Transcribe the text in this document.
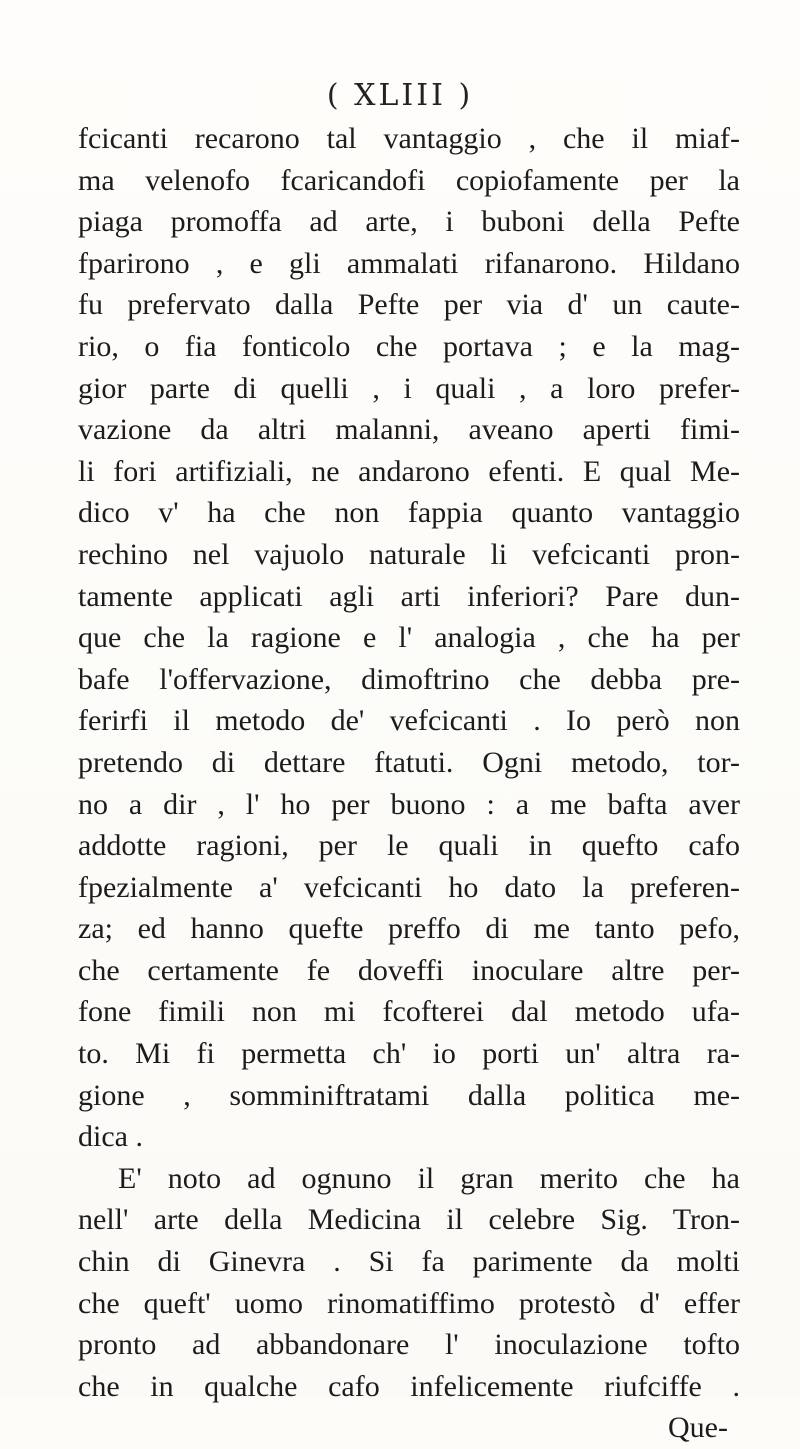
( XLIII )
fcicanti recarono tal vantaggio , che il miaf-
ma velenofo fcaricandofi copiofamente per la
piaga promoffa ad arte, i buboni della Pefte
fparirono , e gli ammalati rifanarono. Hildano
fu prefervato dalla Pefte per via d' un caute-
rio, o fia fonticolo che portava ; e la mag-
gior parte di quelli , i quali , a loro prefer-
vazione da altri malanni, aveano aperti fimi-
li fori artifiziali, ne andarono efenti. E qual Me-
dico v' ha che non fappia quanto vantaggio
rechino nel vajuolo naturale li vefcicanti pron-
tamente applicati agli arti inferiori? Pare dun-
que che la ragione e l' analogia , che ha per
bafe l'offervazione, dimoftrino che debba pre-
ferirfi il metodo de' vefcicanti . Io però non
pretendo di dettare ftatuti. Ogni metodo, tor-
no a dir , l' ho per buono : a me bafta aver
addotte ragioni, per le quali in quefto cafo
fpezialmente a' vefcicanti ho dato la preferen-
za; ed hanno quefte preffo di me tanto pefo,
che certamente fe doveffi inoculare altre per-
fone fimili non mi fcofterei dal metodo ufa-
to. Mi fi permetta ch' io porti un' altra ra-
gione , somminiftratami dalla politica me-
dica .
E' noto ad ognuno il gran merito che ha
nell' arte della Medicina il celebre Sig. Tron-
chin di Ginevra . Si fa parimente da molti
che queft' uomo rinomatiffimo protestò d' effer
pronto ad abbandonare l' inoculazione tofto
che in qualche cafo infelicemente riufciffe .
Que-
